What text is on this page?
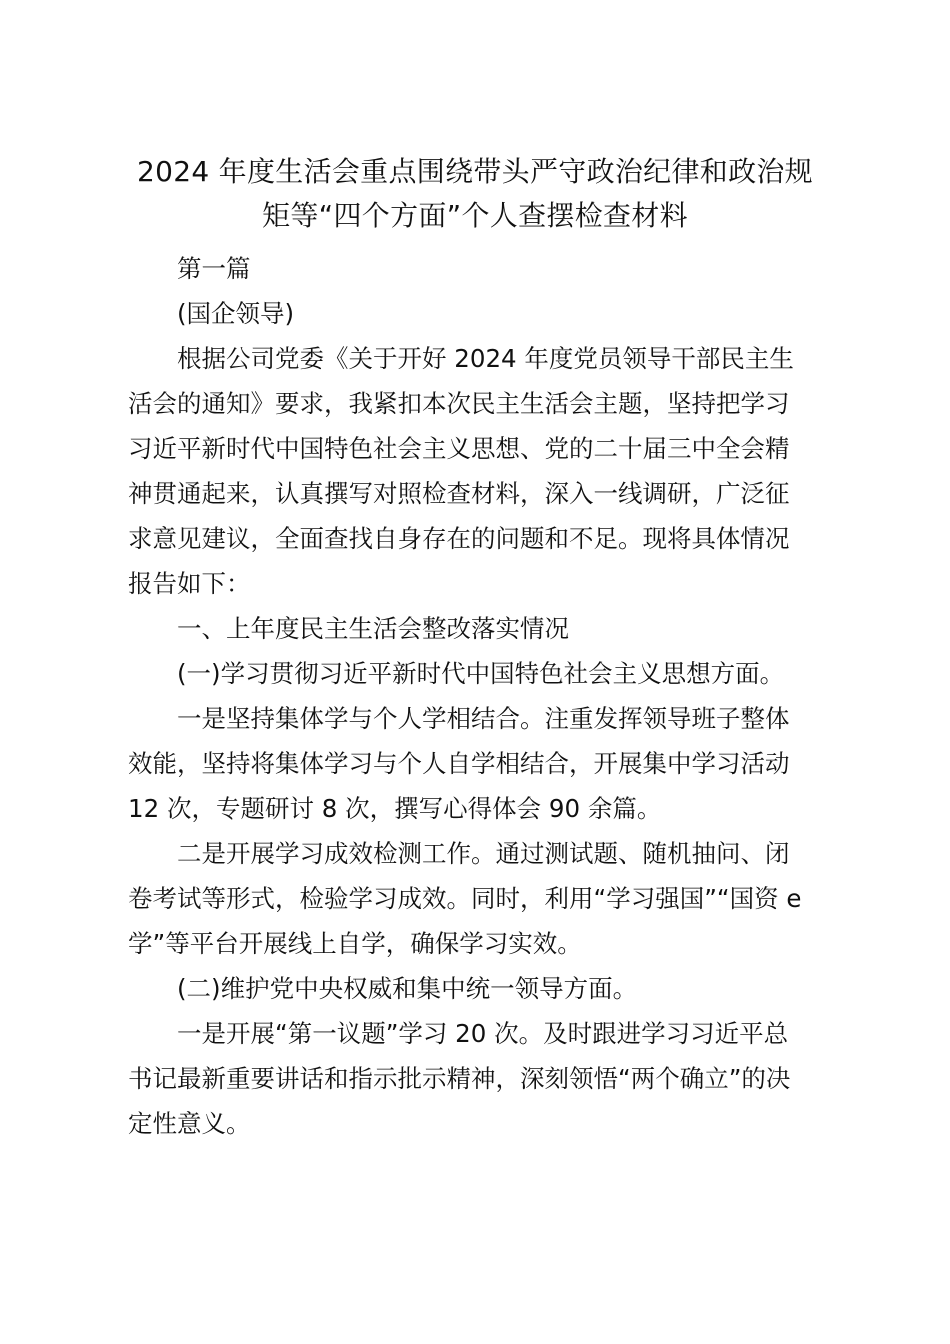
2024 年度生活会重点围绕带头严守政治纪律和政治规
矩等“四个方面”个人查摆检查材料

第一篇

(国企领导)

根据公司党委《关于开好 2024 年度党员领导干部民主生
活会的通知》要求，我紧扣本次民主生活会主题，坚持把学习
习近平新时代中国特色社会主义思想、党的二十届三中全会精
神贯通起来，认真撰写对照检查材料，深入一线调研，广泛征
求意见建议，全面查找自身存在的问题和不足。现将具体情况
报告如下：

一、上年度民主生活会整改落实情况

(一)学习贯彻习近平新时代中国特色社会主义思想方面。

一是坚持集体学与个人学相结合。注重发挥领导班子整体
效能，坚持将集体学习与个人自学相结合，开展集中学习活动
12 次，专题研讨 8 次，撰写心得体会 90 余篇。

二是开展学习成效检测工作。通过测试题、随机抽问、闭
卷考试等形式，检验学习成效。同时，利用“学习强国”“国资 e
学”等平台开展线上自学，确保学习实效。

(二)维护党中央权威和集中统一领导方面。

一是开展“第一议题”学习 20 次。及时跟进学习习近平总
书记最新重要讲话和指示批示精神，深刻领悟“两个确立”的决
定性意义。
